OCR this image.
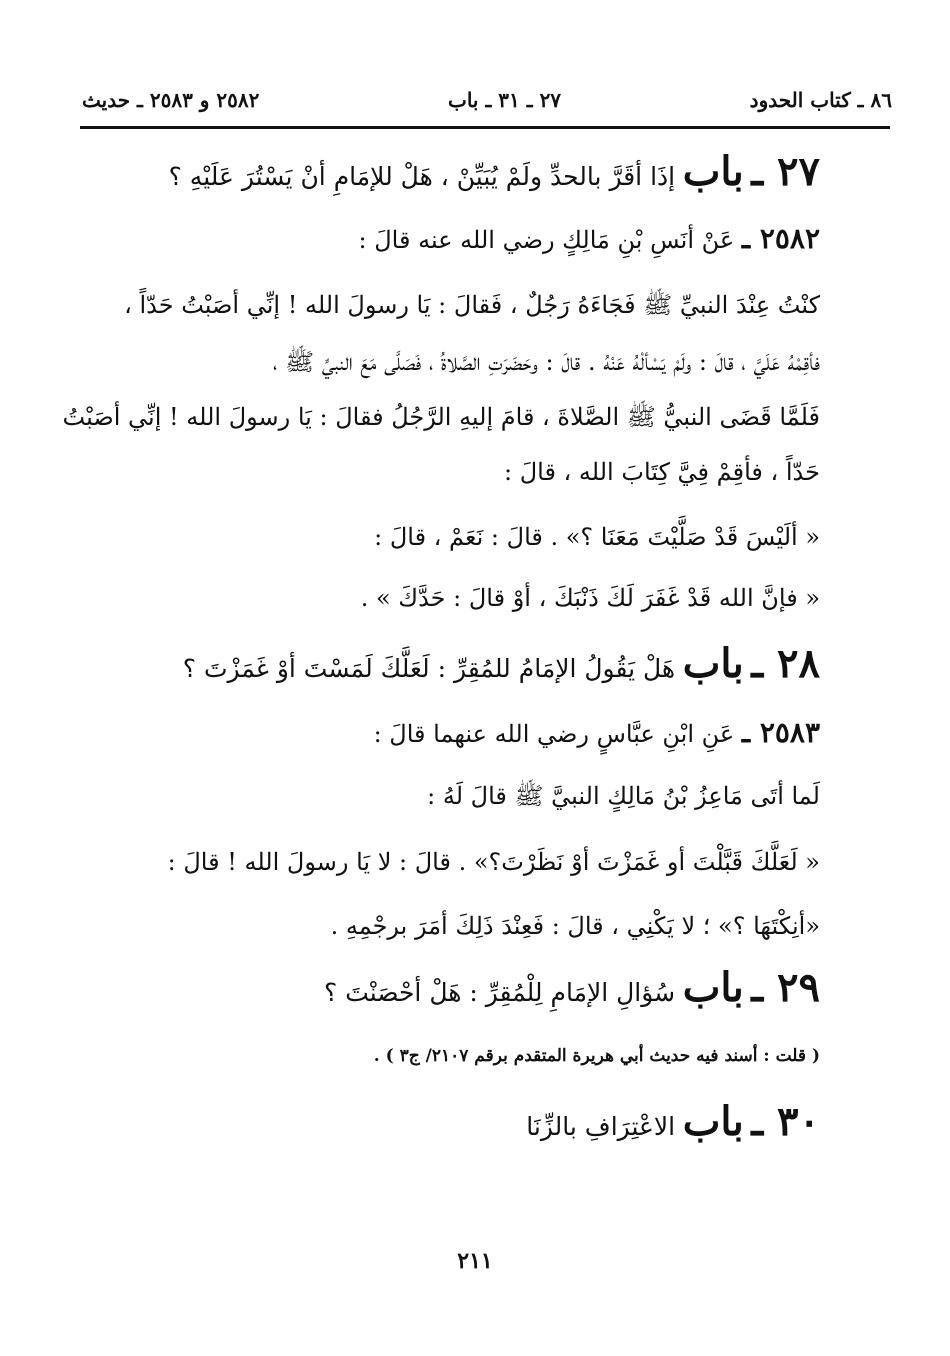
٨٦ ـ كتاب الحدود
٢٧ ـ ٣١ ـ باب
٢٥٨٢ و ٢٥٨٣ ـ حديث
٢٧ ـ باب إذَا أقَرَّ بالحدِّ ولَمْ يُبَيِّنْ ، هَلْ للإمَامِ أنْ يَسْتُرَ عَلَيْهِ ؟
٢٥٨٢ ـ عَنْ أنَسِ بْنِ مَالِكٍ رضي الله عنه قالَ :
كنْتُ عِنْدَ النبيِّ ﷺ فَجَاءَهُ رَجُلٌ ، فَقالَ : يَا رسولَ الله ! إنِّي أصَبْتُ حَدّاً ،
فأقِمْهُ عَلَيَّ ، قالَ : ولَمْ يَسْألْهُ عَنْهُ . قالَ : وحَضَرَتِ الصَّلاةُ ، فَصَلَّى مَعَ النبيِّ ﷺ ،
فَلَمَّا قَضَى النبيُّ ﷺ الصَّلاةَ ، قامَ إليهِ الرَّجُلُ فقالَ : يَا رسولَ الله ! إنِّي أصَبْتُ
حَدّاً ، فأقِمْ فِيَّ كِتَابَ الله ، قالَ :
« ألَيْسَ قَدْ صَلَّيْتَ مَعَنَا ؟» . قالَ : نَعَمْ ، قالَ :
« فإنَّ الله قَدْ غَفَرَ لَكَ ذَنْبَكَ ، أوْ قالَ : حَدَّكَ » .
٢٨ ـ باب هَلْ يَقُولُ الإمَامُ للمُقِرِّ : لَعَلَّكَ لَمَسْتَ أوْ غَمَزْتَ ؟
٢٥٨٣ ـ عَنِ ابْنِ عبَّاسٍ رضي الله عنهما قالَ :
لَما أتَى مَاعِزُ بْنُ مَالِكٍ النبيَّ ﷺ قالَ لَهُ :
« لَعَلَّكَ قَبَّلْتَ أو غَمَزْتَ أوْ نَظَرْتَ؟» . قالَ : لا يَا رسولَ الله ! قالَ :
«أنِكْتَهَا ؟» ؛ لا يَكْنِي ، قالَ : فَعِنْدَ ذَلِكَ أمَرَ برجْمِهِ .
٢٩ ـ باب سُؤالِ الإمَامِ لِلْمُقِرِّ : هَلْ أحْصَنْتَ ؟
( قلت : أسند فيه حديث أبي هريرة المتقدم برقم ٢١٠٧/ ج٣ ) .
٣٠ ـ باب الاعْتِرَافِ بالزِّنَا
٢١١
